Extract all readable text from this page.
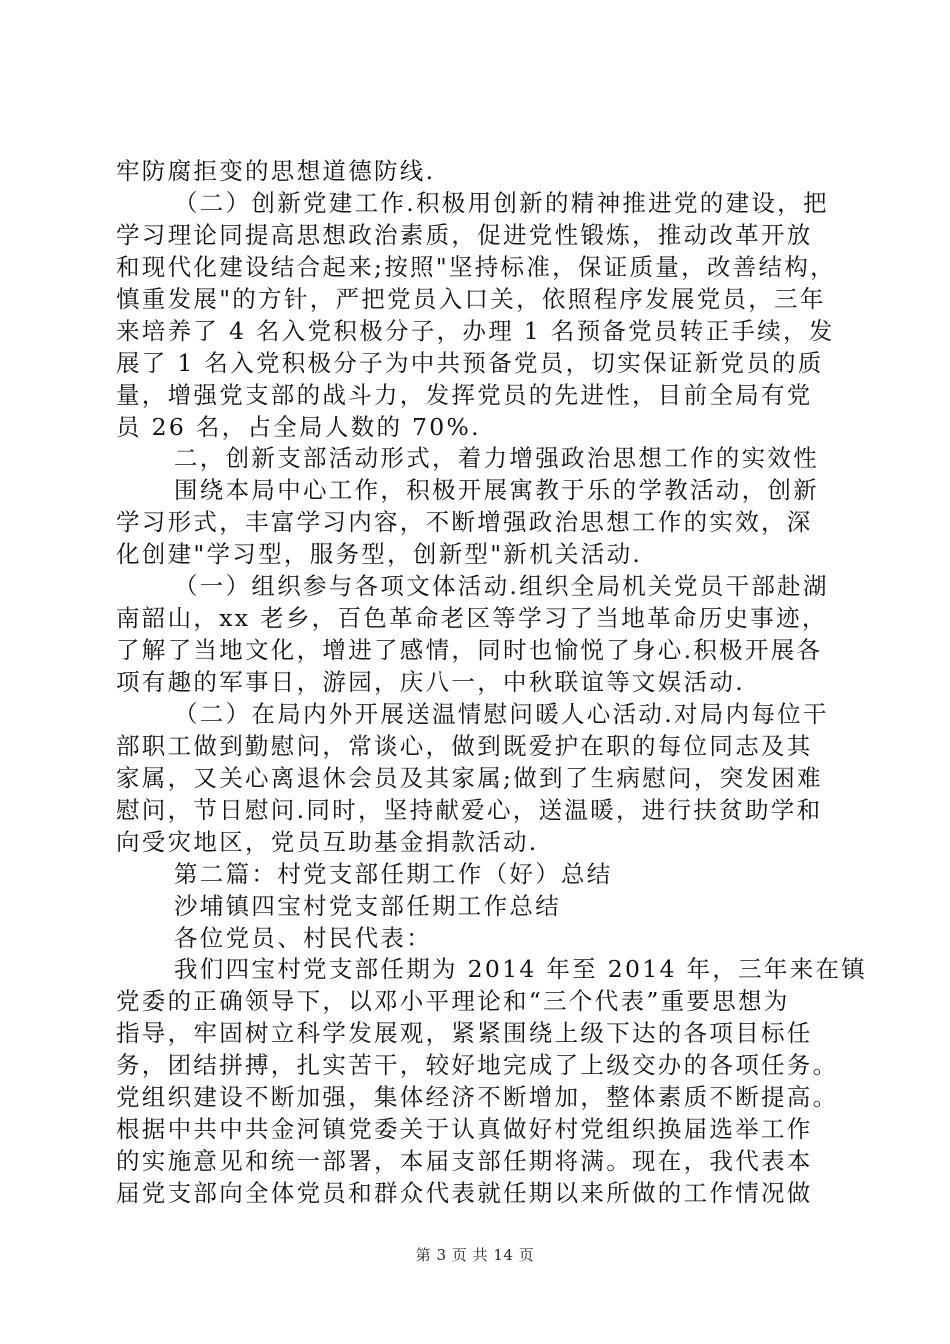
牢防腐拒变的思想道德防线.
（二）创新党建工作.积极用创新的精神推进党的建设，把
学习理论同提高思想政治素质，促进党性锻炼，推动改革开放
和现代化建设结合起来;按照"坚持标准，保证质量，改善结构，
慎重发展"的方针，严把党员入口关，依照程序发展党员，三年
来培养了 4 名入党积极分子，办理 1 名预备党员转正手续，发
展了 1 名入党积极分子为中共预备党员，切实保证新党员的质
量，增强党支部的战斗力，发挥党员的先进性，目前全局有党
员 26 名，占全局人数的 70%.
二，创新支部活动形式，着力增强政治思想工作的实效性
围绕本局中心工作，积极开展寓教于乐的学教活动，创新
学习形式，丰富学习内容，不断增强政治思想工作的实效，深
化创建"学习型，服务型，创新型"新机关活动.
（一）组织参与各项文体活动.组织全局机关党员干部赴湖
南韶山，xx 老乡，百色革命老区等学习了当地革命历史事迹，
了解了当地文化，增进了感情，同时也愉悦了身心.积极开展各
项有趣的军事日，游园，庆八一，中秋联谊等文娱活动.
（二）在局内外开展送温情慰问暖人心活动.对局内每位干
部职工做到勤慰问，常谈心，做到既爱护在职的每位同志及其
家属，又关心离退休会员及其家属;做到了生病慰问，突发困难
慰问，节日慰问.同时，坚持献爱心，送温暖，进行扶贫助学和
向受灾地区，党员互助基金捐款活动.
第二篇：村党支部任期工作（好）总结
沙埔镇四宝村党支部任期工作总结
各位党员、村民代表：
我们四宝村党支部任期为 2014 年至 2014 年，三年来在镇
党委的正确领导下，以邓小平理论和“三个代表”重要思想为
指导，牢固树立科学发展观，紧紧围绕上级下达的各项目标任
务，团结拼搏，扎实苦干，较好地完成了上级交办的各项任务。
党组织建设不断加强，集体经济不断增加，整体素质不断提高。
根据中共中共金河镇党委关于认真做好村党组织换届选举工作
的实施意见和统一部署，本届支部任期将满。现在，我代表本
届党支部向全体党员和群众代表就任期以来所做的工作情况做
第 3 页 共 14 页
